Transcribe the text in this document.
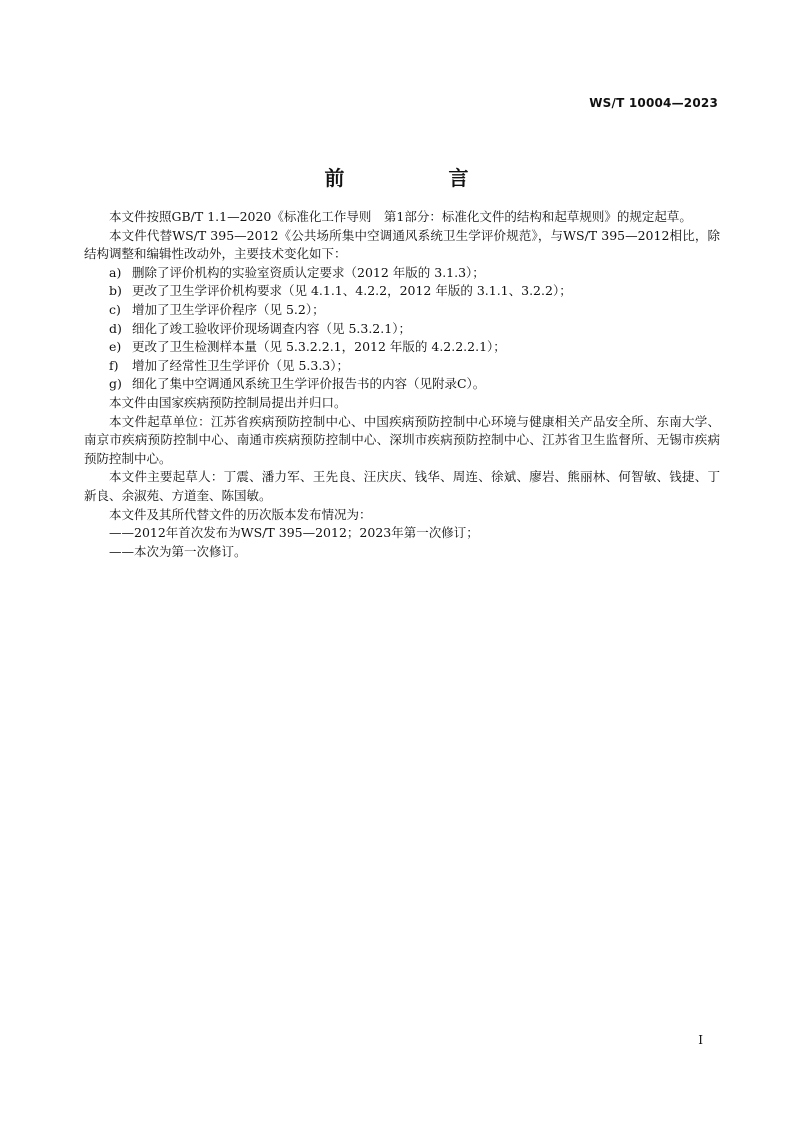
WS/T 10004—2023
前　言

本文件按照GB/T 1.1—2020《标准化工作导则　第1部分：标准化文件的结构和起草规则》的规定起草。

本文件代替WS/T 395—2012《公共场所集中空调通风系统卫生学评价规范》，与WS/T 395—2012相比，除结构调整和编辑性改动外，主要技术变化如下：

a) 删除了评价机构的实验室资质认定要求（2012 年版的 3.1.3）；
b) 更改了卫生学评价机构要求（见 4.1.1、4.2.2，2012 年版的 3.1.1、3.2.2）；
c) 增加了卫生学评价程序（见 5.2）；
d) 细化了竣工验收评价现场调查内容（见 5.3.2.1）；
e) 更改了卫生检测样本量（见 5.3.2.2.1，2012 年版的 4.2.2.2.1）；
f) 增加了经常性卫生学评价（见 5.3.3）；
g) 细化了集中空调通风系统卫生学评价报告书的内容（见附录C）。

本文件由国家疾病预防控制局提出并归口。

本文件起草单位：江苏省疾病预防控制中心、中国疾病预防控制中心环境与健康相关产品安全所、东南大学、南京市疾病预防控制中心、南通市疾病预防控制中心、深圳市疾病预防控制中心、江苏省卫生监督所、无锡市疾病预防控制中心。

本文件主要起草人：丁震、潘力军、王先良、汪庆庆、钱华、周连、徐斌、廖岩、熊丽林、何智敏、钱捷、丁新良、余淑苑、方道奎、陈国敏。

本文件及其所代替文件的历次版本发布情况为：

——2012年首次发布为WS/T 395—2012；2023年第一次修订；
——本次为第一次修订。
I
